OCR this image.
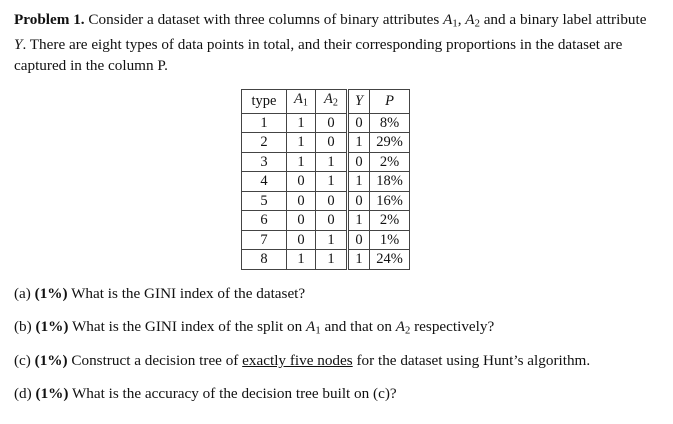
Problem 1. Consider a dataset with three columns of binary attributes $A_1$, $A_2$ and a binary label attribute Y. There are eight types of data points in total, and their corresponding proportions in the dataset are captured in the column P.

type	$A_1$	$A_2$	Y	P
1	1	0	0	8%
2	1	0	1	29%
3	1	1	0	2%
4	0	1	1	18%
5	0	0	0	16%
6	0	0	1	2%
7	0	1	0	1%
8	1	1	1	24%

(a) (1%) What is the GINI index of the dataset?

(b) (1%) What is the GINI index of the split on $A_1$ and that on $A_2$ respectively?

(c) (1%) Construct a decision tree of exactly five nodes for the dataset using Hunt’s algorithm.

(d) (1%) What is the accuracy of the decision tree built on (c)?
